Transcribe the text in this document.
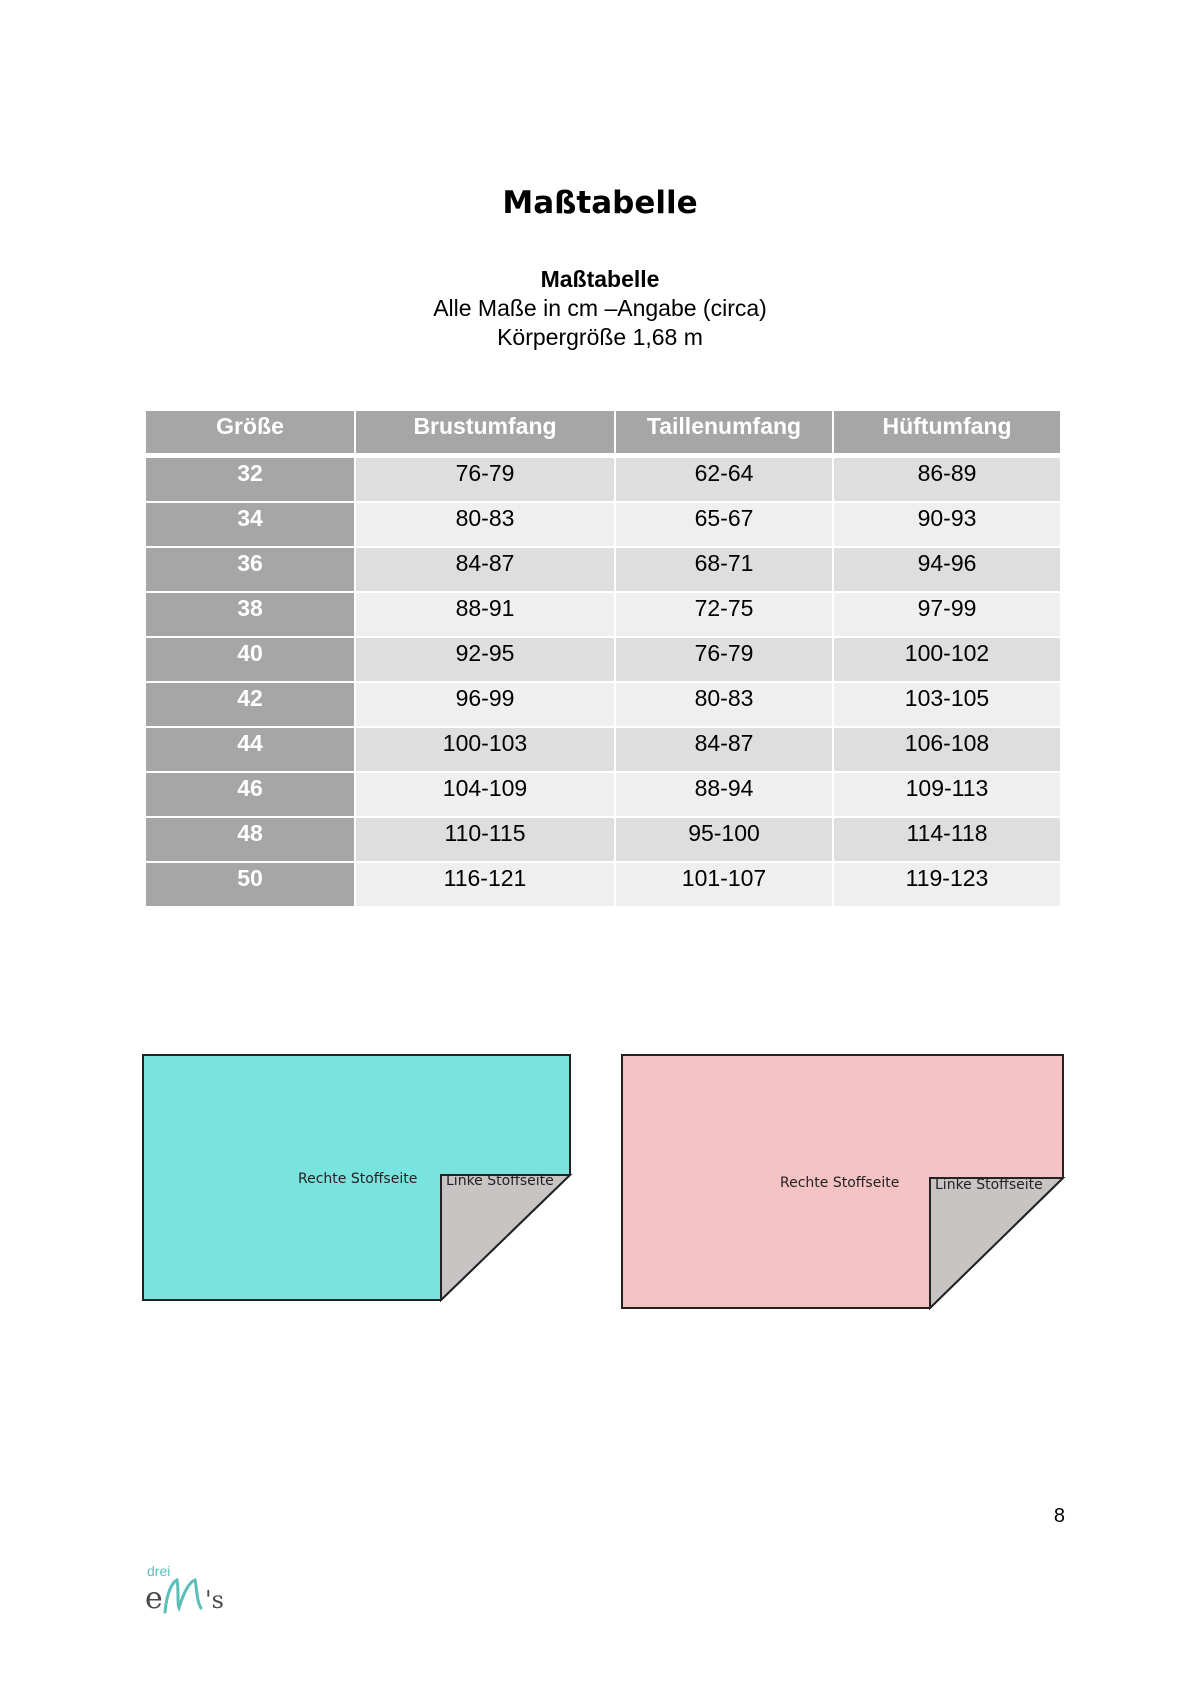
Maßtabelle
Maßtabelle
Alle Maße in cm –Angabe (circa)
Körpergröße 1,68 m
Größe	Brustumfang	Taillenumfang	Hüftumfang
32	76-79	62-64	86-89
34	80-83	65-67	90-93
36	84-87	68-71	94-96
38	88-91	72-75	97-99
40	92-95	76-79	100-102
42	96-99	80-83	103-105
44	100-103	84-87	106-108
46	104-109	88-94	109-113
48	110-115	95-100	114-118
50	116-121	101-107	119-123
Rechte Stoffseite Linke Stoffseite	Rechte Stoffseite	Linke Stoffseite
8
drei
e 's
